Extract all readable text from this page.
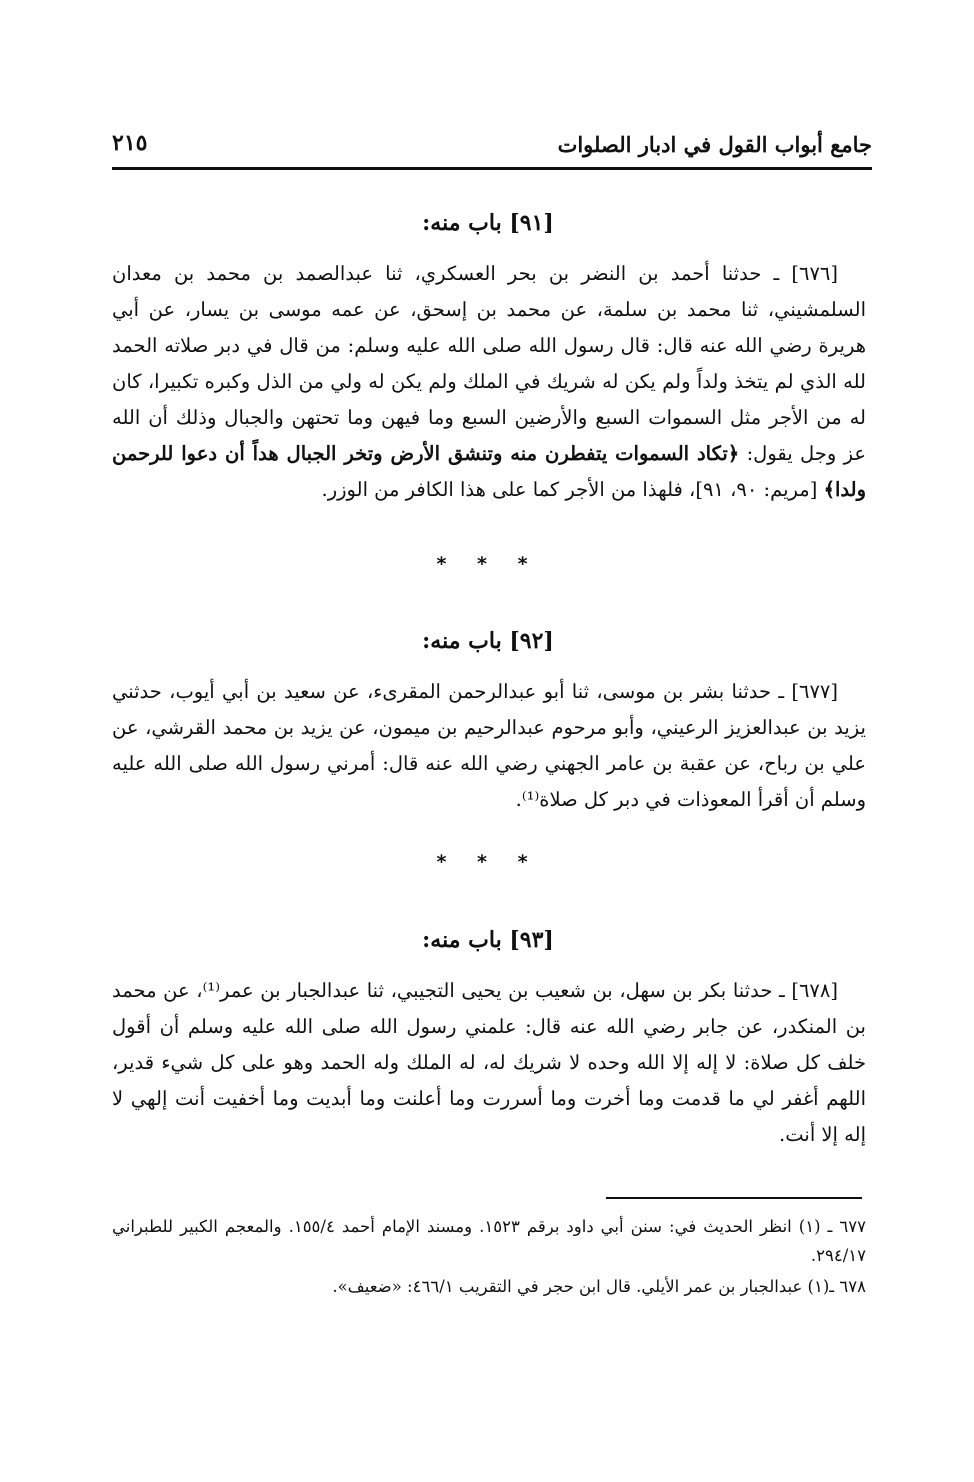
جامع أبواب القول في ادبار الصلوات
٢١٥
[٩١] باب منه:
[٦٧٦] ـ حدثنا أحمد بن النضر بن بحر العسكري، ثنا عبدالصمد بن محمد بن معدان السلمشيني، ثنا محمد بن سلمة، عن محمد بن إسحق، عن عمه موسى بن يسار، عن أبي هريرة رضي الله عنه قال: قال رسول الله صلى الله عليه وسلم: من قال في دبر صلاته الحمد لله الذي لم يتخذ ولداً ولم يكن له شريك في الملك ولم يكن له ولي من الذل وكبره تكبيرا، كان له من الأجر مثل السموات السبع والأرضين السبع وما فيهن وما تحتهن والجبال وذلك أن الله عز وجل يقول: ﴿تكاد السموات يتفطرن منه وتنشق الأرض وتخر الجبال هداً أن دعوا للرحمن ولدا﴾ [مريم: ٩٠، ٩١]، فلهذا من الأجر كما على هذا الكافر من الوزر.
* * *
[٩٢] باب منه:
[٦٧٧] ـ حدثنا بشر بن موسى، ثنا أبو عبدالرحمن المقرىء، عن سعيد بن أبي أيوب، حدثني يزيد بن عبدالعزيز الرعيني، وأبو مرحوم عبدالرحيم بن ميمون، عن يزيد بن محمد القرشي، عن علي بن رباح، عن عقبة بن عامر الجهني رضي الله عنه قال: أمرني رسول الله صلى الله عليه وسلم أن أقرأ المعوذات في دبر كل صلاة⁽¹⁾.
* * *
[٩٣] باب منه:
[٦٧٨] ـ حدثنا بكر بن سهل، بن شعيب بن يحيى التجيبي، ثنا عبدالجبار بن عمر⁽¹⁾، عن محمد بن المنكدر، عن جابر رضي الله عنه قال: علمني رسول الله صلى الله عليه وسلم أن أقول خلف كل صلاة: لا إله إلا الله وحده لا شريك له، له الملك وله الحمد وهو على كل شيء قدير، اللهم أغفر لي ما قدمت وما أخرت وما أسررت وما أعلنت وما أبديت وما أخفيت أنت إلهي لا إله إلا أنت.
٦٧٧ ـ (١) انظر الحديث في: سنن أبي داود برقم ١٥٢٣. ومسند الإمام أحمد ١٥٥/٤. والمعجم الكبير للطبراني ٢٩٤/١٧.
٦٧٨ ـ(١) عبدالجبار بن عمر الأيلي. قال ابن حجر في التقريب ٤٦٦/١: «ضعيف».
